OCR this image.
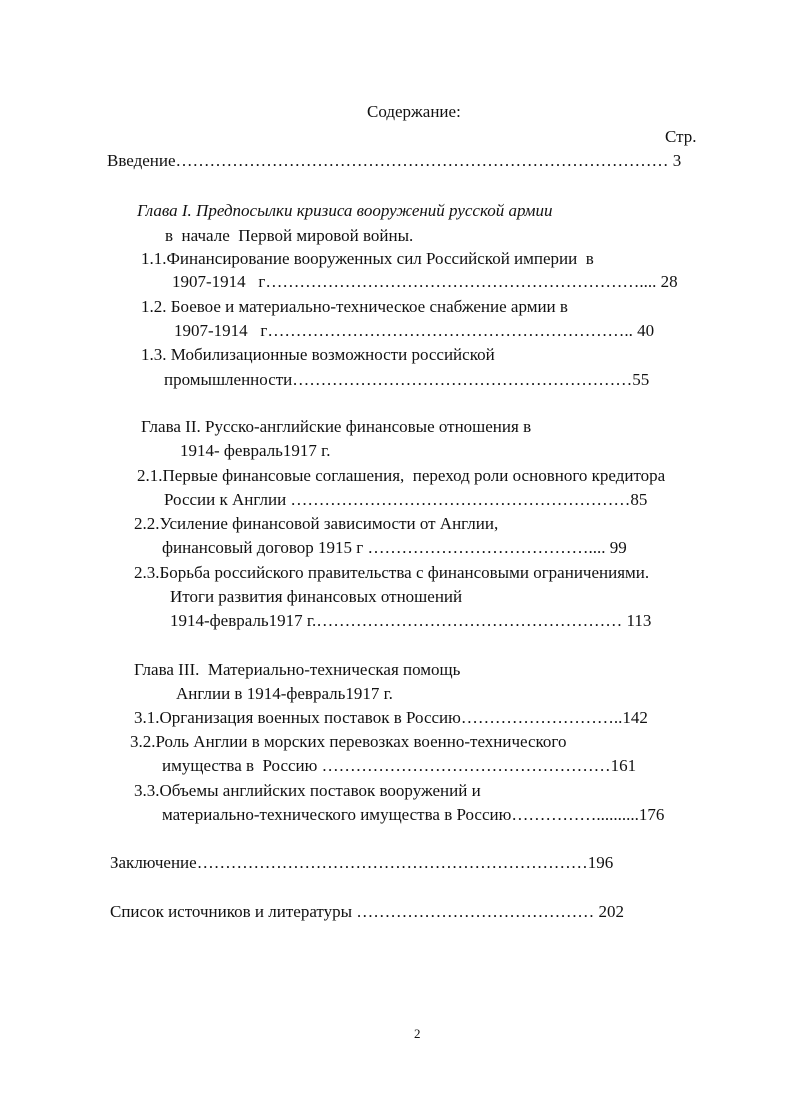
Содержание:
Стр.
Введение…………………………………………………………………………… 3
Глава I. Предпосылки кризиса вооружений русской армии
в  начале  Первой мировой войны.
1.1.Финансирование вооруженных сил Российской империи  в
1907-1914   г………………………………………………………….... 28
1.2. Боевое и материально-техническое снабжение армии в
1907-1914   г……………………………………………………….. 40
1.3. Мобилизационные возможности российской
промышленности……………………………………………………55
Глава II. Русско-английские финансовые отношения в
1914- февраль1917 г.
2.1.Первые финансовые соглашения,  переход роли основного кредитора
России к Англии ……………………………………………………85
2.2.Усиление финансовой зависимости от Англии,
финансовый договор 1915 г ………………………………….... 99
2.3.Борьба российского правительства с финансовыми ограничениями.
Итоги развития финансовых отношений
1914-февраль1917 г.……………………………………………… 113
Глава III.  Материально-техническая помощь
Англии в 1914-февраль1917 г.
3.1.Организация военных поставок в Россию………………………..142
3.2.Роль Англии в морских перевозках военно-технического
имущества в  Россию ……………………………………………161
3.3.Объемы английских поставок вооружений и
материально-технического имущества в Россию……………..........176
Заключение……………………………………………………………196
Список источников и литературы …………………………………… 202
2
